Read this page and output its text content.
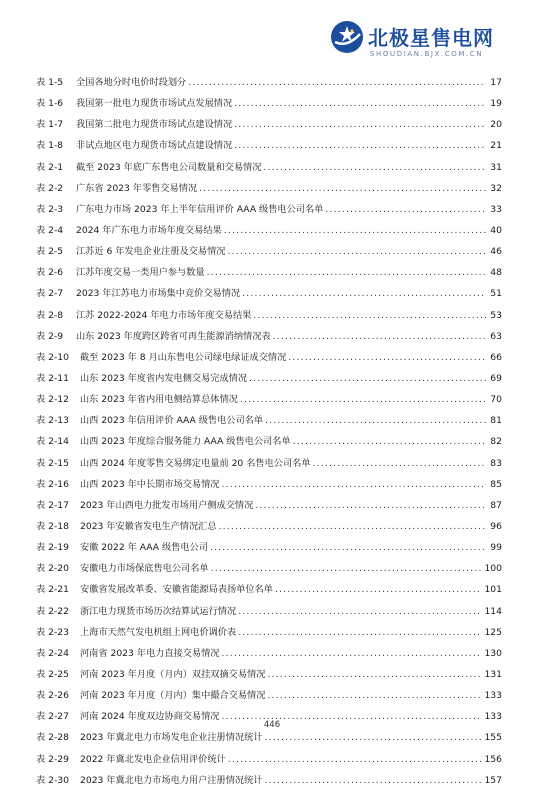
北极星售电网
SHOUDIAN.BJX.COM.CN
表 1-5	全国各地分时电价时段划分 .....	17
表 1-6	我国第一批电力现货市场试点发展情况 .....	19
表 1-7	我国第二批电力现货市场试点建设情况 .....	20
表 1-8	非试点地区电力现货市场试点建设情况 .....	21
表 2-1	截至 2023 年底广东售电公司数量和交易情况 .....	31
表 2-2	广东省 2023 年零售交易情况 .....	32
表 2-3	广东电力市场 2023 年上半年信用评价 AAA 级售电公司名单 .....	33
表 2-4	2024 年广东电力市场年度交易结果 .....	40
表 2-5	江苏近 6 年发电企业注册及交易情况 .....	46
表 2-6	江苏年度交易一类用户参与数量 .....	48
表 2-7	2023 年江苏电力市场集中竞价交易情况 .....	51
表 2-8	江苏 2022-2024 年电力市场年度交易结果 .....	53
表 2-9	山东 2023 年度跨区跨省可再生能源消纳情况表 .....	63
表 2-10	截至 2023 年 8 月山东售电公司绿电绿证成交情况 .....	66
表 2-11	山东 2023 年度省内发电侧交易完成情况 .....	69
表 2-12	山东 2023 年省内用电侧结算总体情况 .....	70
表 2-13	山西 2023 年信用评价 AAA 级售电公司名单 .....	81
表 2-14	山西 2023 年度综合服务能力 AAA 级售电公司名单 .....	82
表 2-15	山西 2024 年度零售交易绑定电量前 20 名售电公司名单 .....	83
表 2-16	山西 2023 年中长期市场交易情况 .....	85
表 2-17	2023 年山西电力批发市场用户侧成交情况 .....	87
表 2-18	2023 年安徽省发电生产情况汇总 .....	96
表 2-19	安徽 2022 年 AAA 级售电公司 .....	99
表 2-20	安徽电力市场保底售电公司名单 .....	100
表 2-21	安徽省发展改革委、安徽省能源局表扬单位名单 .....	101
表 2-22	浙江电力现货市场历次结算试运行情况 .....	114
表 2-23	上海市天然气发电机组上网电价调价表 .....	125
表 2-24	河南省 2023 年电力直接交易情况 .....	130
表 2-25	河南 2023 年月度（月内）双挂双摘交易情况 .....	131
表 2-26	河南 2023 年月度（月内）集中撮合交易情况 .....	133
表 2-27	河南 2024 年度双边协商交易情况 .....	133
表 2-28	2023 年冀北电力市场发电企业注册情况统计 .....	155
表 2-29	2022 年冀北发电企业信用评价统计 .....	156
表 2-30	2023 年冀北电力市场电力用户注册情况统计 .....	157
446
